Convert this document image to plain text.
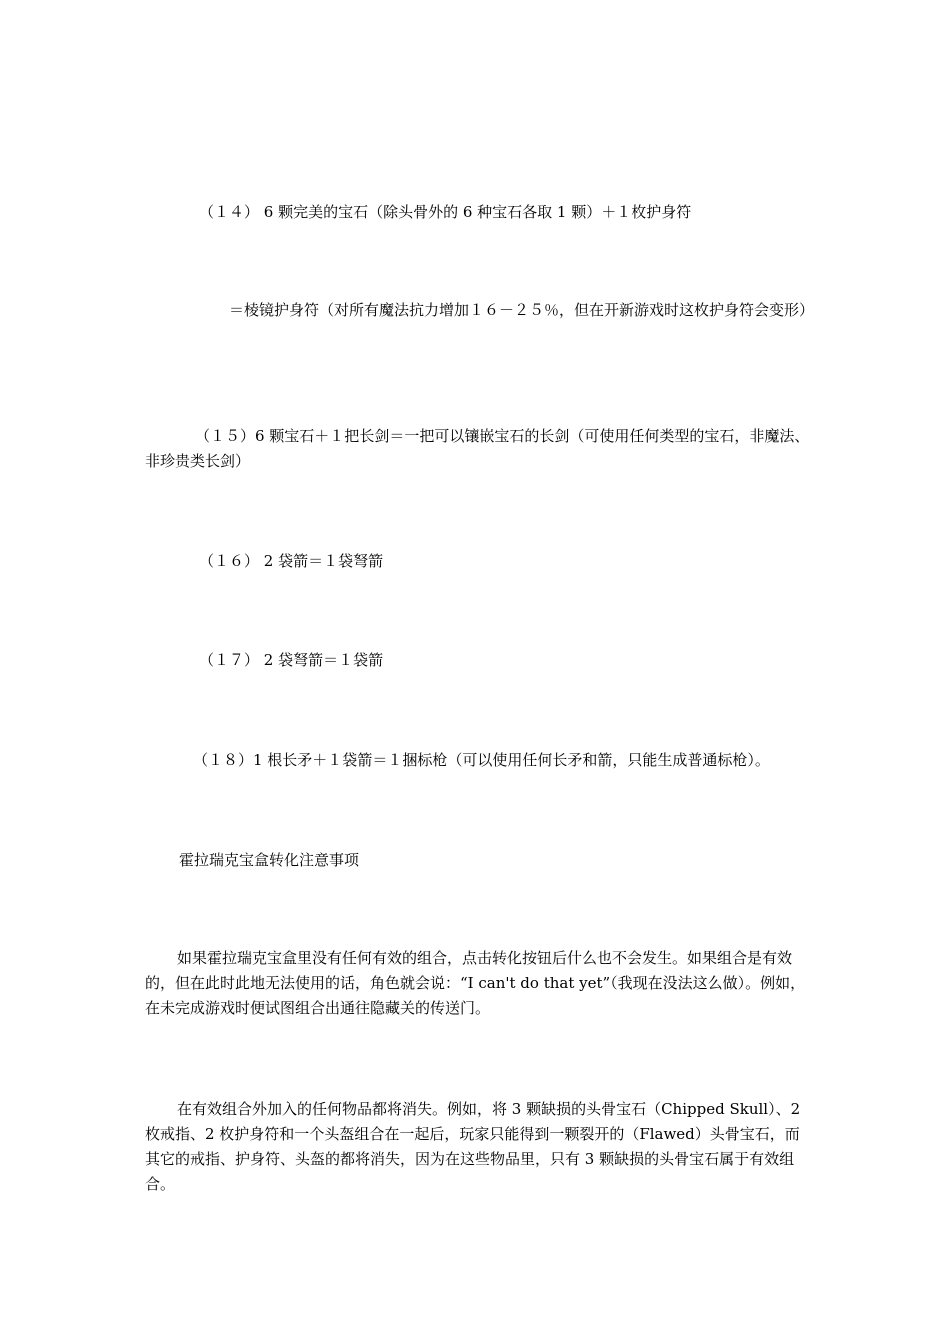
（１４） 6 颗完美的宝石（除头骨外的 6 种宝石各取 1 颗）＋１枚护身符

＝棱镜护身符（对所有魔法抗力增加１６－２５％，但在开新游戏时这枚护身符会变形）

（１５）6 颗宝石＋１把长剑＝一把可以镶嵌宝石的长剑（可使用任何类型的宝石，非魔法、非珍贵类长剑）

（１６） 2 袋箭＝１袋弩箭

（１７） 2 袋弩箭＝１袋箭

（１８）1 根长矛＋１袋箭＝１捆标枪（可以使用任何长矛和箭，只能生成普通标枪）。

霍拉瑞克宝盒转化注意事项

如果霍拉瑞克宝盒里没有任何有效的组合，点击转化按钮后什么也不会发生。如果组合是有效的，但在此时此地无法使用的话，角色就会说：“I can't do that yet”（我现在没法这么做）。例如，在未完成游戏时便试图组合出通往隐藏关的传送门。

在有效组合外加入的任何物品都将消失。例如，将 3 颗缺损的头骨宝石（Chipped Skull）、2 枚戒指、2 枚护身符和一个头盔组合在一起后，玩家只能得到一颗裂开的（Flawed）头骨宝石，而其它的戒指、护身符、头盔的都将消失，因为在这些物品里，只有 3 颗缺损的头骨宝石属于有效组合。
